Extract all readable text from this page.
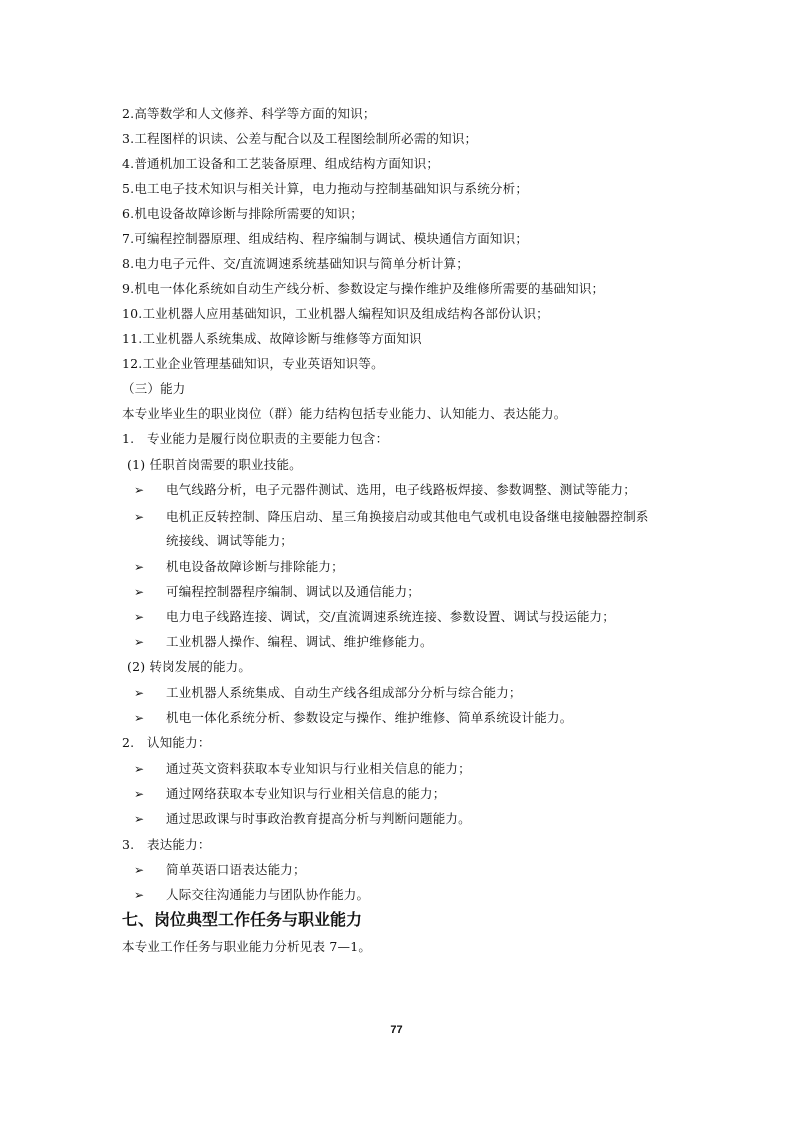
2.高等数学和人文修养、科学等方面的知识；
3.工程图样的识读、公差与配合以及工程图绘制所必需的知识；
4.普通机加工设备和工艺装备原理、组成结构方面知识；
5.电工电子技术知识与相关计算，电力拖动与控制基础知识与系统分析；
6.机电设备故障诊断与排除所需要的知识；
7.可编程控制器原理、组成结构、程序编制与调试、模块通信方面知识；
8.电力电子元件、交/直流调速系统基础知识与简单分析计算；
9.机电一体化系统如自动生产线分析、参数设定与操作维护及维修所需要的基础知识；
10.工业机器人应用基础知识，工业机器人编程知识及组成结构各部份认识；
11.工业机器人系统集成、故障诊断与维修等方面知识
12.工业企业管理基础知识，专业英语知识等。
（三）能力
本专业毕业生的职业岗位（群）能力结构包括专业能力、认知能力、表达能力。
1.　专业能力是履行岗位职责的主要能力包含：
(1) 任职首岗需要的职业技能。
➢ 电气线路分析，电子元器件测试、选用，电子线路板焊接、参数调整、测试等能力；
➢ 电机正反转控制、降压启动、星三角换接启动或其他电气或机电设备继电接触器控制系
统接线、调试等能力；
➢ 机电设备故障诊断与排除能力；
➢ 可编程控制器程序编制、调试以及通信能力；
➢ 电力电子线路连接、调试，交/直流调速系统连接、参数设置、调试与投运能力；
➢ 工业机器人操作、编程、调试、维护维修能力。
(2) 转岗发展的能力。
➢ 工业机器人系统集成、自动生产线各组成部分分析与综合能力；
➢ 机电一体化系统分析、参数设定与操作、维护维修、简单系统设计能力。
2.　认知能力：
➢ 通过英文资料获取本专业知识与行业相关信息的能力；
➢ 通过网络获取本专业知识与行业相关信息的能力；
➢ 通过思政课与时事政治教育提高分析与判断问题能力。
3.　表达能力：
➢ 简单英语口语表达能力；
➢ 人际交往沟通能力与团队协作能力。
七、岗位典型工作任务与职业能力
本专业工作任务与职业能力分析见表 7—1。
77
